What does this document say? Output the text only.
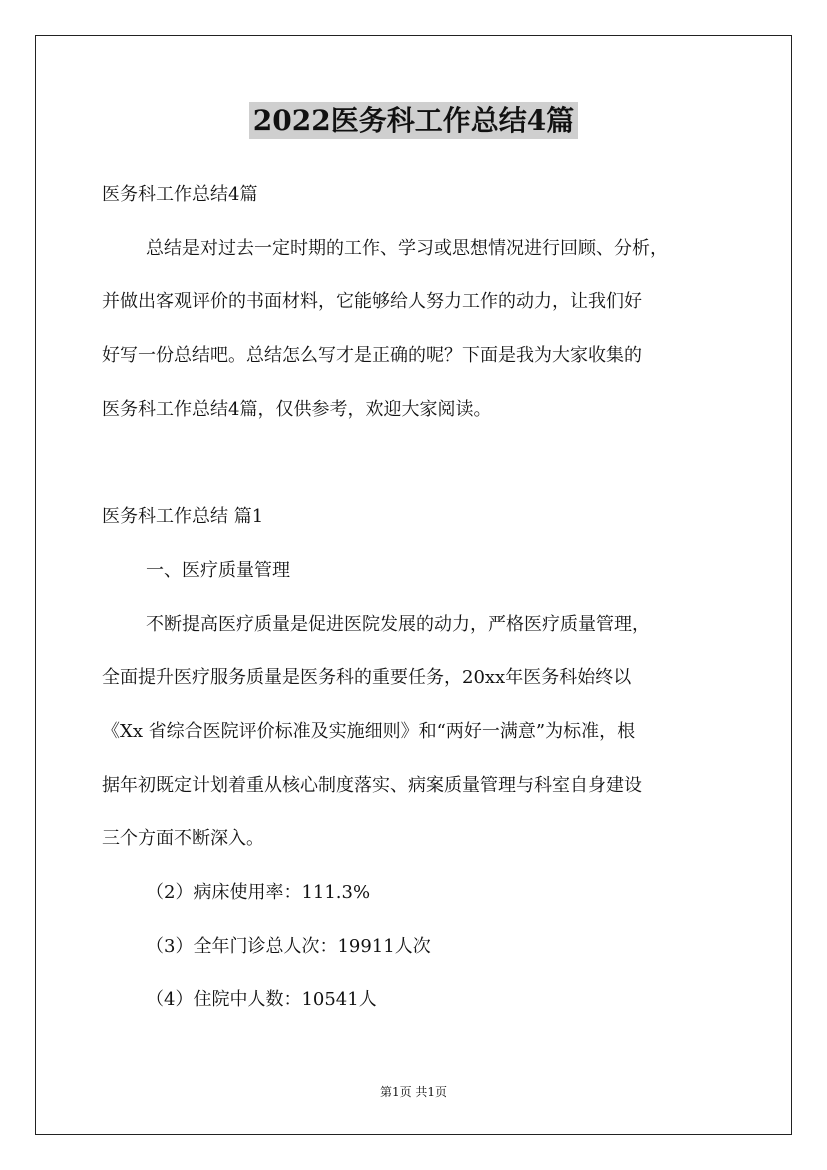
2022医务科工作总结4篇
医务科工作总结4篇
总结是对过去一定时期的工作、学习或思想情况进行回顾、分析，
并做出客观评价的书面材料，它能够给人努力工作的动力，让我们好
好写一份总结吧。总结怎么写才是正确的呢？下面是我为大家收集的
医务科工作总结4篇，仅供参考，欢迎大家阅读。
医务科工作总结 篇1
一、医疗质量管理
不断提高医疗质量是促进医院发展的动力，严格医疗质量管理，
全面提升医疗服务质量是医务科的重要任务，20xx年医务科始终以
《Xx 省综合医院评价标准及实施细则》和“两好一满意”为标准，根
据年初既定计划着重从核心制度落实、病案质量管理与科室自身建设
三个方面不断深入。
（2）病床使用率：111.3%
（3）全年门诊总人次：19911人次
（4）住院中人数：10541人
第1页 共1页
